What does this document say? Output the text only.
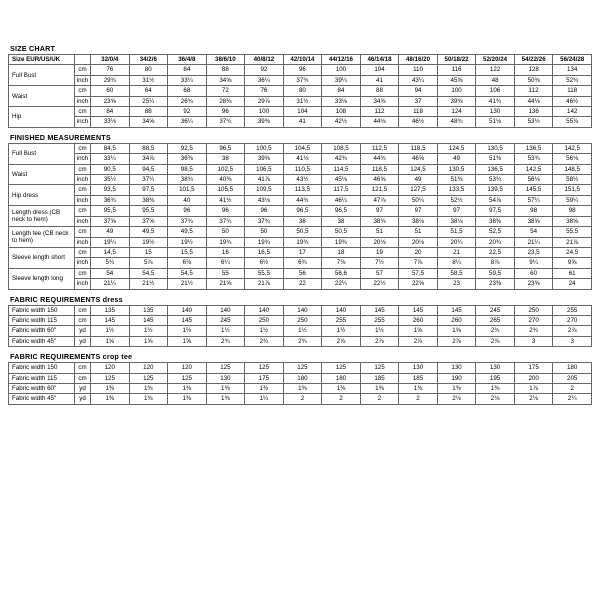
SIZE CHART
Size EUR/US/UK		32/0/4	34/2/6	36/4/8	38/6/10	40/8/12	42/10/14	44/12/16	46/14/18	48/16/20	50/18/22	52/20/24	54/22/26	56/24/28
Full Bust	cm	76	80	84	88	92	96	100	104	110	116	122	128	134
	inch	29¾	31½	33¼	34⅝	36¼	37¾	39¼	41	43¼	45⅝	48	50⅜	52¾
Waist	cm	60	64	68	72	76	80	84	88	94	100	106	112	118
	inch	23⅝	25¼	26¾	28⅜	29⅞	31½	33⅛	34⅝	37	39⅜	41¾	44⅛	46½
Hip	cm	84	88	92	96	100	104	108	112	118	124	130	136	142
	inch	33⅛	34⅝	36¼	37¾	39⅜	41	42½	44⅛	46½	48¾	51⅛	53½	55⅞
FINISHED MEASUREMENTS
Full Bust	cm	84,5	88,5	92,5	96,5	100,5	104,5	108,5	112,5	118,5	124,5	130,5	136,5	142,5
	inch	33¼	34⅞	36⅜	38	39⅝	41⅛	42¾	44¾	46⅝	49	51⅜	53¾	56⅛
Waist	cm	90,5	94,5	98,5	102,5	106,5	110,5	114,5	118,5	124,5	130,5	136,5	142,5	148,5
	inch	35½	37¼	38¾	40⅜	41⅞	43½	45⅛	46⅝	49	51⅜	53¾	56⅛	58½
Hip dress	cm	93,5	97,5	101,5	105,5	109,5	113,5	117,5	121,5	127,5	133,5	139,5	145,5	151,5
	inch	36¾	38⅜	40	41½	43⅛	44¾	46¼	47⅞	50¼	52½	54⅞	57¼	59¼
Length dress (CB neck to hem)	cm	95,5	95,5	96	96	96	96,5	96,5	97	97	97	97,5	98	98
	inch	37⅝	37⅝	37¾	37¾	37¾	38	38	38⅛	38⅛	38⅛	38⅜	38⅝	38⅝
Length tee (CB neck to hem)	cm	49	49,5	49,5	50	50	50,5	50,5	51	51	51,5	52,5	54	55,5
	inch	19¼	19½	19½	19¾	19¾	19¾	19¾	20⅛	20⅛	20¼	20¾	21¼	21⅞
Sleeve length short	cm	14,5	15	15,5	16	16,5	17	18	19	20	21	22,5	23,5	24,5
	inch	5¾	5⅞	6⅛	6¼	6½	6¾	7⅛	7½	7⅞	8¼	8⅞	9¼	9⅝
Sleeve length long	cm	54	54,5	54,5	55	55,5	56	56,6	57	57,5	58,5	59,5	60	61
	inch	21¼	21½	21½	21⅝	21⅞	22	22¼	22½	22⅝	23	23⅜	23⅝	24
FABRIC REQUIREMENTS dress
Fabric width 150	cm	135	135	140	140	140	140	140	145	145	145	245	250	255
Fabric width 115	cm	145	145	145	245	250	250	255	255	260	260	265	270	270
Fabric width 60"	yd	1½	1½	1½	1½	1½	1½	1½	1½	1⅝	1⅝	2¾	2¾	2⅞
Fabric width 45"	yd	1⅝	1⅝	1⅝	2¾	2¾	2¾	2⅞	2⅞	2⅞	2⅞	2⅞	3	3
FABRIC REQUIREMENTS crop tee
Fabric width 150	cm	120	120	120	125	125	125	125	125	130	130	130	175	180
Fabric width 115	cm	125	125	125	130	175	180	180	185	185	190	195	200	205
Fabric width 60"	yd	1⅜	1⅜	1⅜	1⅜	1⅜	1⅜	1⅜	1⅜	1⅜	1⅜	1⅜	1⅞	2
Fabric width 45"	yd	1⅜	1⅜	1⅜	1⅜	1¼	2	2	2	2	2⅛	2⅛	2⅛	2¼
